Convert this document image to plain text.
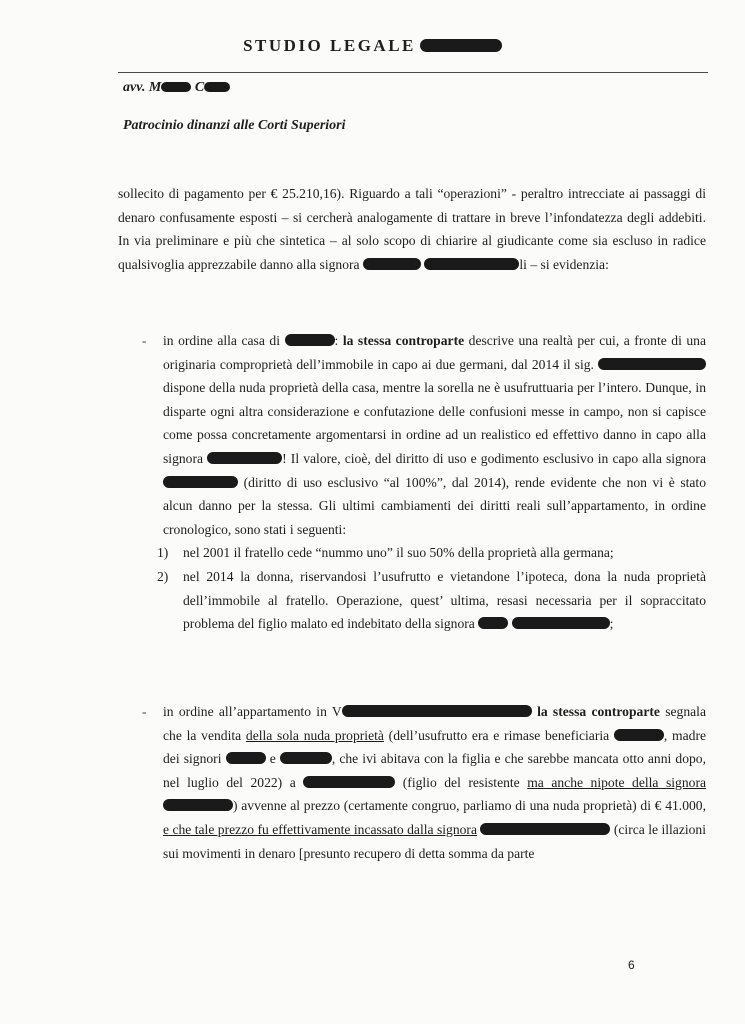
STUDIO LEGALE
avv. M C
Patrocinio dinanzi alle Corti Superiori
sollecito di pagamento per € 25.210,16). Riguardo a tali “operazioni” - peraltro intrecciate ai passaggi di denaro confusamente esposti – si cercherà analogamente di trattare in breve l’infondatezza degli addebiti. In via preliminare e più che sintetica – al solo scopo di chiarire al giudicante come sia escluso in radice qualsivoglia apprezzabile danno alla signora	li – si evidenzia:
- in ordine alla casa di	: la stessa controparte descrive una realtà per cui, a fronte di una originaria comproprietà dell’immobile in capo ai due germani, dal 2014 il sig.  dispone della nuda proprietà della casa, mentre la sorella ne è usufruttuaria per l’intero. Dunque, in disparte ogni altra considerazione e confutazione delle confusioni messe in campo, non si capisce come possa concretamente argomentarsi in ordine ad un realistico ed effettivo danno in capo alla signora	! Il valore, cioè, del diritto di uso e godimento esclusivo in capo alla signora  (diritto di uso esclusivo “al 100%”, dal 2014), rende evidente che non vi è stato alcun danno per la stessa. Gli ultimi cambiamenti dei diritti reali sull’appartamento, in ordine cronologico, sono stati i seguenti:
1) nel 2001 il fratello cede “nummo uno” il suo 50% della proprietà alla germana;
2) nel 2014 la donna, riservandosi l’usufrutto e vietandone l’ipoteca, dona la nuda proprietà dell’immobile al fratello. Operazione, quest’ ultima, resasi necessaria per il sopraccitato problema del figlio malato ed indebitato della signora	;
- in ordine all’appartamento in V	la stessa controparte segnala che la vendita della sola nuda proprietà (dell’usufrutto era e rimase beneficiaria	, madre dei signori	e	, che ivi abitava con la figlia e che sarebbe mancata otto anni dopo, nel luglio del 2022) a	(figlio del resistente ma anche nipote della signora ) avvenne al prezzo (certamente congruo, parliamo di una nuda proprietà) di € 41.000, e che tale prezzo fu effettivamente incassato dalla signora	(circa le illazioni sui movimenti in denaro [presunto recupero di detta somma da parte
6
